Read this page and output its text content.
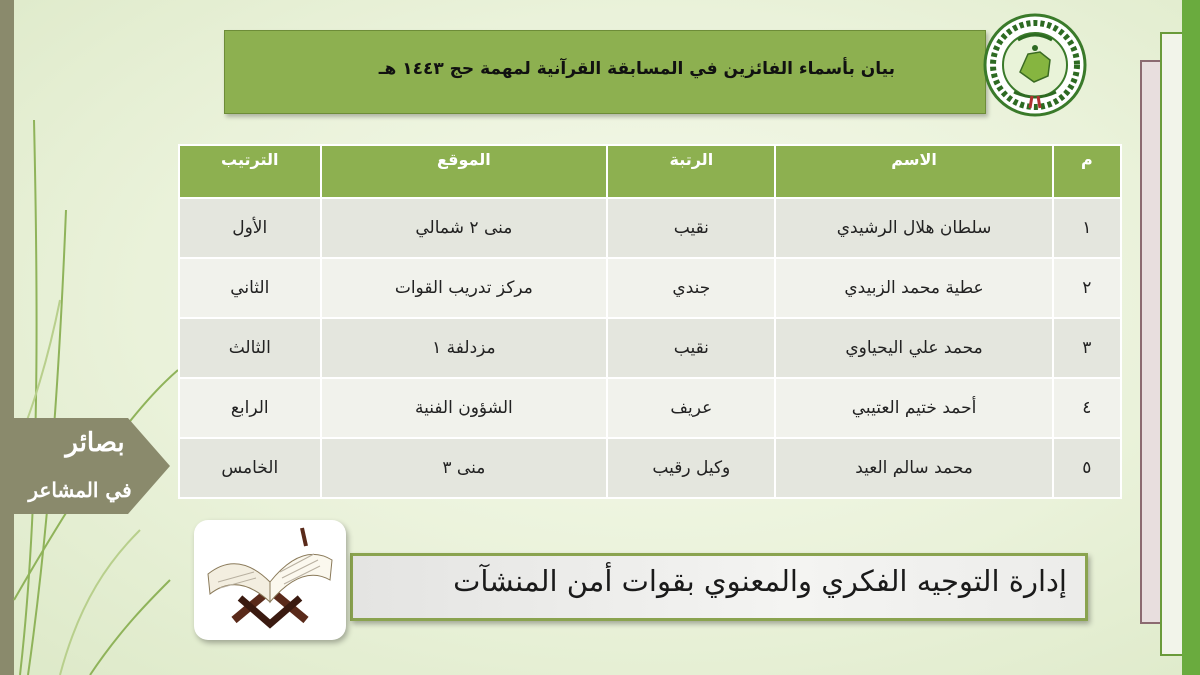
بيان بأسماء الفائزين في المسابقة القرآنية لمهمة حج ١٤٤٣ هـ
م	الاسم	الرتبة	الموقع	الترتيب
١	سلطان هلال الرشيدي	نقيب	منى ٢ شمالي	الأول
٢	عطية محمد الزبيدي	جندي	مركز تدريب القوات	الثاني
٣	محمد علي اليحياوي	نقيب	مزدلفة ١	الثالث
٤	أحمد ختيم العتيبي	عريف	الشؤون الفنية	الرابع
٥	محمد سالم العيد	وكيل رقيب	منى ٣	الخامس
بصائر
في المشاعر
إدارة التوجيه الفكري والمعنوي بقوات أمن المنشآت
